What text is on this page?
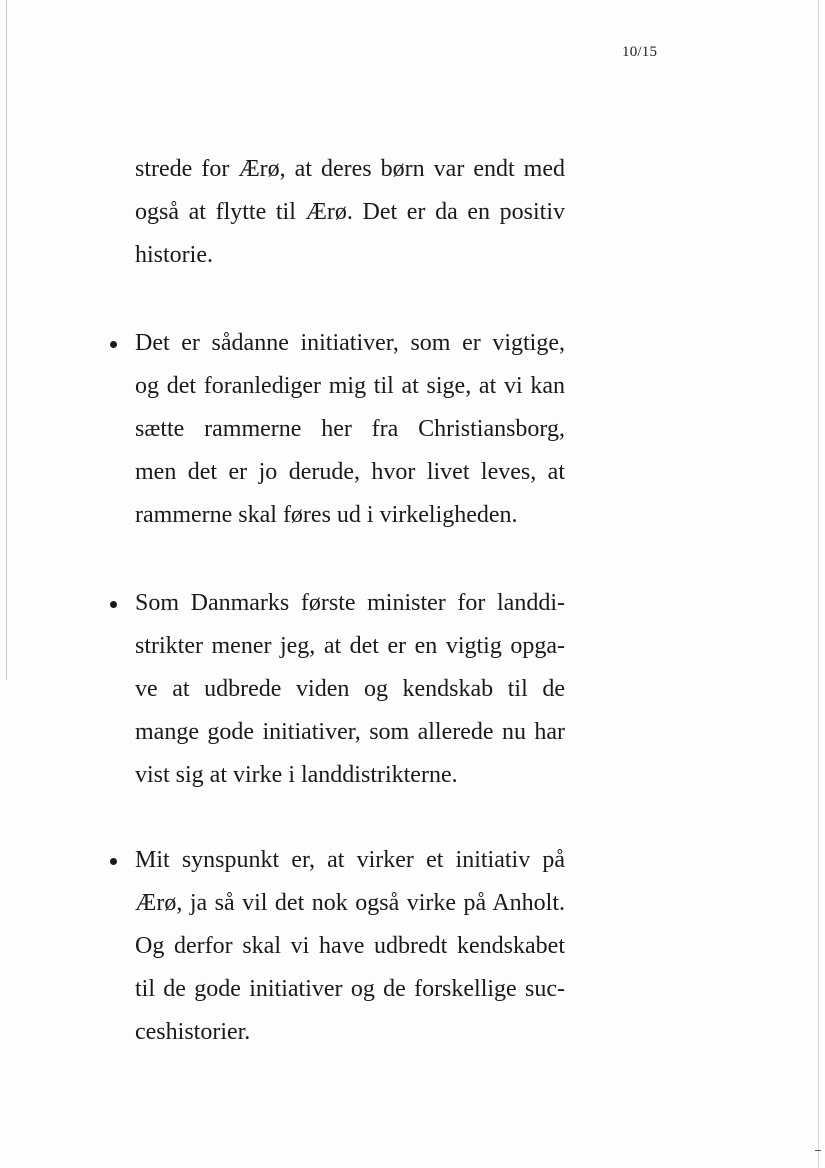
10/15
strede for Ærø, at deres børn var endt med
også at flytte til Ærø. Det er da en positiv
historie.
Det er sådanne initiativer, som er vigtige,
og det foranlediger mig til at sige, at vi kan
sætte rammerne her fra Christiansborg,
men det er jo derude, hvor livet leves, at
rammerne skal føres ud i virkeligheden.
Som Danmarks første minister for landdi-
strikter mener jeg, at det er en vigtig opga-
ve at udbrede viden og kendskab til de
mange gode initiativer, som allerede nu har
vist sig at virke i landdistrikterne.
Mit synspunkt er, at virker et initiativ på
Ærø, ja så vil det nok også virke på Anholt.
Og derfor skal vi have udbredt kendskabet
til de gode initiativer og de forskellige suc-
ceshistorier.
